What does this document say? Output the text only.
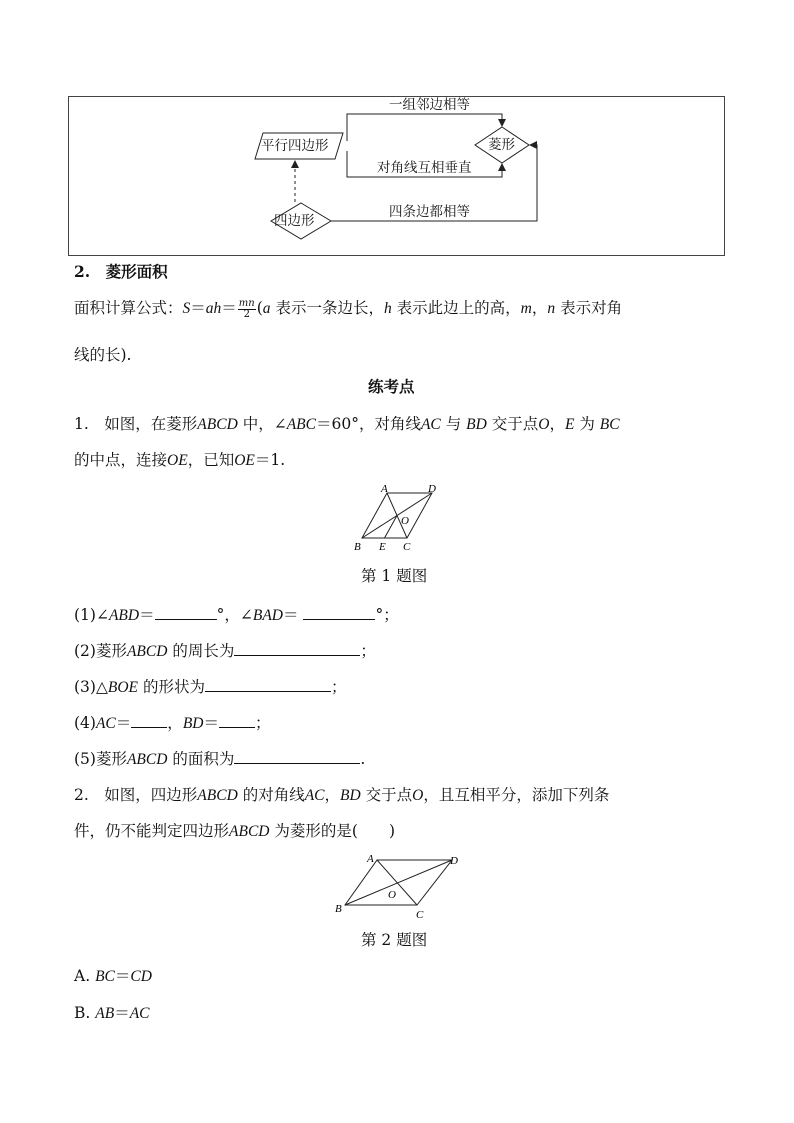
平行四边形	菱形
四边形
一组邻边相等
对角线互相垂直
四条边都相等
2.　菱形面积
面积计算公式：$S=ah= \frac{mn}{2} (a$ 表示一条边长，h 表示此边上的高，m，n 表示对角
线的长).
练考点
1.　如图，在菱形ABCD 中，∠ABC＝60°，对角线AC 与 BD 交于点O，E 为 BC
的中点，连接OE，已知OE＝1.
A	D
O
B E C
第 1 题图
(1)∠ABD＝	°，∠BAD＝	°；
(2)菱形ABCD 的周长为	；
(3)△BOE 的形状为	；
(4)AC＝ ，BD＝ ；
(5)菱形ABCD 的面积为	.
2.　如图，四边形ABCD 的对角线AC，BD 交于点O，且互相平分，添加下列条
件，仍不能判定四边形ABCD 为菱形的是(　　)
A	D
O
B	C
第 2 题图
A. BC＝CD
B. AB＝AC
